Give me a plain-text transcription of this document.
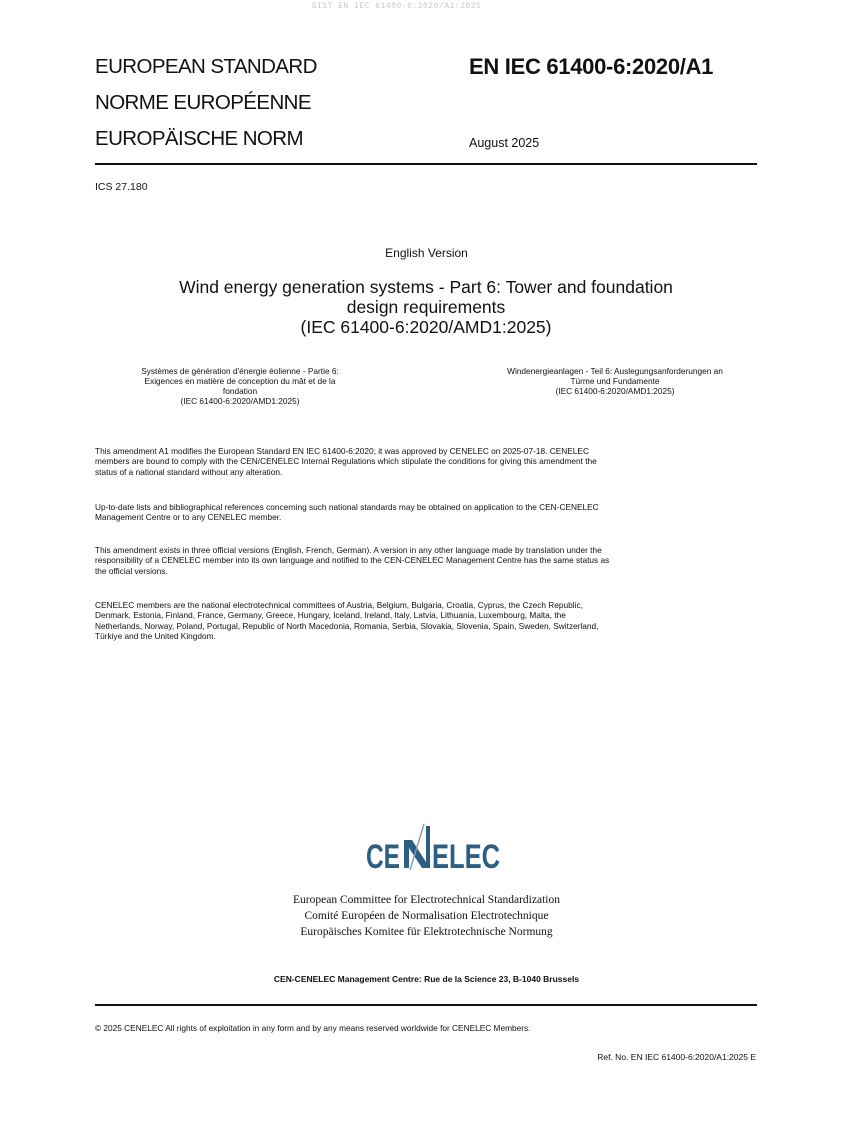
SIST EN IEC 61400-6:2020/A1:2025
EUROPEAN STANDARD
NORME EUROPÉENNE
EUROPÄISCHE NORM
EN IEC 61400-6:2020/A1
August 2025
ICS 27.180
English Version
Wind energy generation systems - Part 6: Tower and foundation
design requirements
(IEC 61400-6:2020/AMD1:2025)
Systèmes de génération d'énergie éolienne - Partie 6:
Exigences en matière de conception du mât et de la
fondation
(IEC 61400-6:2020/AMD1:2025)
Windenergieanlagen - Teil 6: Auslegungsanforderungen an
Türme und Fundamente
(IEC 61400-6:2020/AMD1:2025)
This amendment A1 modifies the European Standard EN IEC 61400-6:2020; it was approved by CENELEC on 2025-07-18. CENELEC
members are bound to comply with the CEN/CENELEC Internal Regulations which stipulate the conditions for giving this amendment the
status of a national standard without any alteration.
Up-to-date lists and bibliographical references concerning such national standards may be obtained on application to the CEN-CENELEC
Management Centre or to any CENELEC member.
This amendment exists in three official versions (English, French, German). A version in any other language made by translation under the
responsibility of a CENELEC member into its own language and notified to the CEN-CENELEC Management Centre has the same status as
the official versions.
CENELEC members are the national electrotechnical committees of Austria, Belgium, Bulgaria, Croatia, Cyprus, the Czech Republic,
Denmark, Estonia, Finland, France, Germany, Greece, Hungary, Iceland, Ireland, Italy, Latvia, Lithuania, Luxembourg, Malta, the
Netherlands, Norway, Poland, Portugal, Republic of North Macedonia, Romania, Serbia, Slovakia, Slovenia, Spain, Sweden, Switzerland,
Türkiye and the United Kingdom.
CE ELEC
European Committee for Electrotechnical Standardization
Comité Européen de Normalisation Electrotechnique
Europäisches Komitee für Elektrotechnische Normung
CEN-CENELEC Management Centre: Rue de la Science 23, B-1040 Brussels
© 2025 CENELEC All rights of exploitation in any form and by any means reserved worldwide for CENELEC Members.
Ref. No. EN IEC 61400-6:2020/A1:2025 E
